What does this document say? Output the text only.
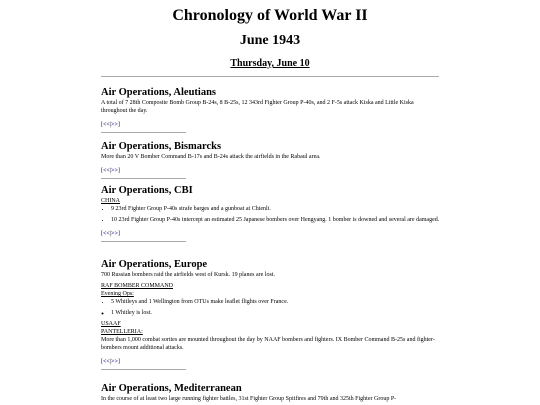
Chronology of World War II
June 1943
Thursday, June 10
Air Operations, Aleutians

A total of 7 28th Composite Bomb Group B-24s, 8 B-25s, 12 343rd Fighter Group P-40s, and 2 F-5s attack Kiska and Little Kiska throughout the day.

[<<|>>]
Air Operations, Bismarcks

More than 20 V Bomber Command B-17s and B-24s attack the airfields in the Rabaul area.

[<<|>>]
Air Operations, CBI

CHINA

• 9 23rd Fighter Group P-40s strafe barges and a gunboat at Chienli.
• 10 23rd Fighter Group P-40s intercept an estimated 25 Japanese bombers over Hengyang. 1 bomber is downed and several are damaged.
[<<|>>]
Air Operations, Europe

700 Russian bombers raid the airfields west of Kursk. 19 planes are lost.

RAF BOMBER COMMAND

Evening Ops:

• 5 Whitleys and 1 Wellington from OTUs make leaflet flights over France.
◦ 1 Whitley is lost.

USAAF

PANTELLERIA:

More than 1,000 combat sorties are mounted throughout the day by NAAF bombers and fighters. IX Bomber Command B-25s and fighter-bombers mount additional attacks.

[<<|>>]
Air Operations, Mediterranean

In the course of at least two large running fighter battles, 31st Fighter Group Spitfires and 79th and 325th Fighter Group P-
